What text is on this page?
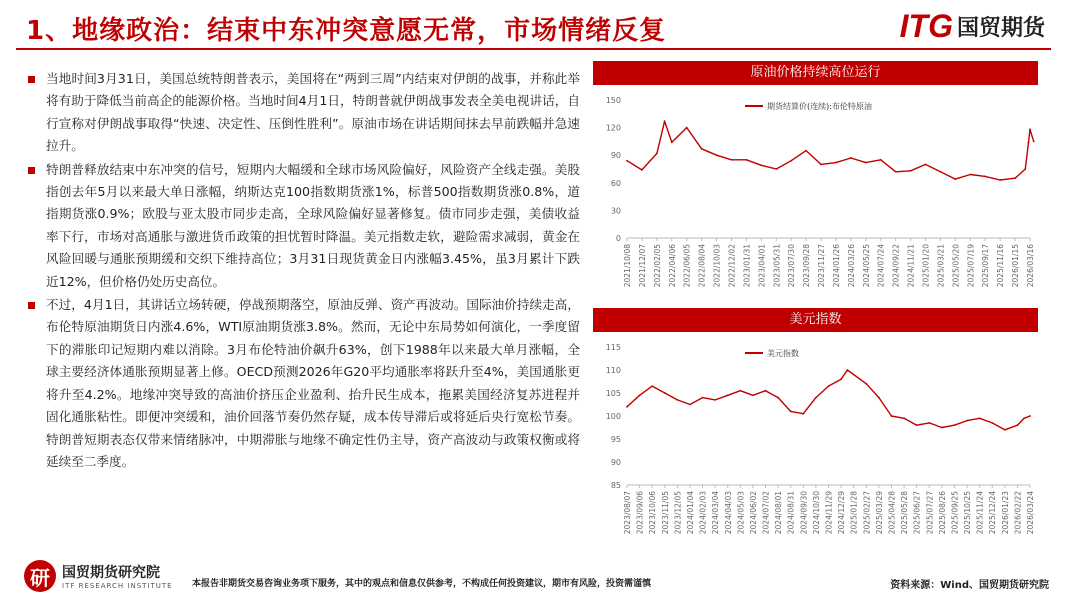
1、地缘政治：结束中东冲突意愿无常，市场情绪反复	ITG 国贸期货
当地时间3月31日，美国总统特朗普表示，美国将在“两到三周”内结束对伊朗的战事，并称此举将有助于降低当前高企的能源价格。当地时间4月1日，特朗普就伊朗战事发表全美电视讲话，自行宣称对伊朗战事取得“快速、决定性、压倒性胜利”。原油市场在讲话期间抹去早前跌幅并急速拉升。
特朗普释放结束中东冲突的信号，短期内大幅缓和全球市场风险偏好，风险资产全线走强。美股指创去年5月以来最大单日涨幅，纳斯达克100指数期货涨1%，标普500指数期货涨0.8%，道指期货涨0.9%；欧股与亚太股市同步走高，全球风险偏好显著修复。债市同步走强，美债收益率下行，市场对高通胀与激进货币政策的担忧暂时降温。美元指数走软，避险需求减弱，黄金在风险回暖与通胀预期缓和交织下维持高位；3月31日现货黄金日内涨幅3.45%，虽3月累计下跌近12%，但价格仍处历史高位。
不过，4月1日，其讲话立场转硬，停战预期落空，原油反弹、资产再波动。国际油价持续走高，布伦特原油期货日内涨4.6%，WTI原油期货涨3.8%。然而，无论中东局势如何演化，一季度留下的滞胀印记短期内难以消除。3月布伦特油价飙升63%，创下1988年以来最大单月涨幅，全球主要经济体通胀预期显著上修。OECD预测2026年G20平均通胀率将跃升至4%，美国通胀更将升至4.2%。地缘冲突导致的高油价挤压企业盈利、抬升民生成本，拖累美国经济复苏进程并固化通胀粘性。即便冲突缓和，油价回落节奏仍然存疑，成本传导滞后或将延后央行宽松节奏。特朗普短期表态仅带来情绪脉冲，中期滞胀与地缘不确定性仍主导，资产高波动与政策权衡或将延续至二季度。
原油价格持续高位运行
期货结算价(连续):布伦特原油
0
30
60
90
120
150
2021/10/08 2021/12/07 2022/02/05 2022/04/06 2022/06/05 2022/08/04 2022/10/03 2022/12/02 2023/01/31 2023/04/01 2023/05/31 2023/07/30 2023/09/28 2023/11/27 2024/01/26 2024/03/26 2024/05/25 2024/07/24 2024/09/22 2024/11/21 2025/01/20 2025/03/21 2025/05/20 2025/07/19 2025/09/17 2025/11/16 2026/01/15 2026/03/16
美元指数
美元指数
85
90
95
100
105
110
115
2023/08/07 2023/09/06 2023/10/06 2023/11/05 2023/12/05 2024/01/04 2024/02/03 2024/03/04 2024/04/03 2024/05/03 2024/06/02 2024/07/02 2024/08/01 2024/08/31 2024/09/30 2024/10/30 2024/11/29 2024/12/29 2025/01/28 2025/02/27 2025/03/29 2025/04/28 2025/05/28 2025/06/27 2025/07/27 2025/08/26 2025/09/25 2025/10/25 2025/11/24 2025/12/24 2026/01/23 2026/02/22 2026/03/24
研 国贸期货研究院
ITF RESEARCH INSTITUTE 本报告非期货交易咨询业务项下服务，其中的观点和信息仅供参考，不构成任何投资建议，期市有风险，投资需谨慎	资料来源：Wind、国贸期货研究院
